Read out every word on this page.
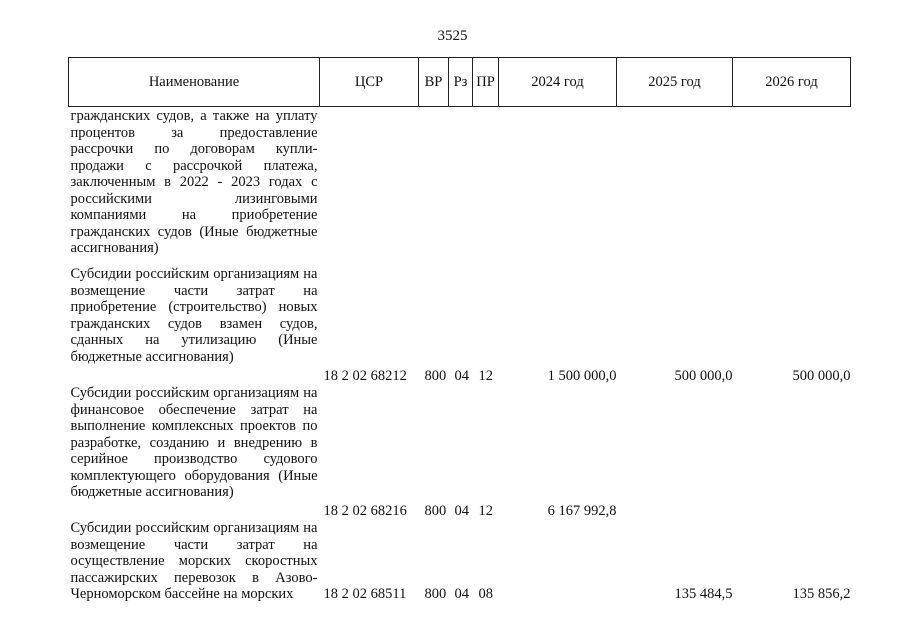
3525
Наименование	ЦСР	ВР	Рз	ПР	2024 год	2025 год	2026 год
гражданских судов, а также на уплату процентов за предоставление рассрочки по договорам купли-продажи с рассрочкой платежа, заключенным в 2022 - 2023 годах с российскими лизинговыми компаниями на приобретение гражданских судов (Иные бюджетные ассигнования)							
Субсидии российским организациям на возмещение части затрат на приобретение (строительство) новых гражданских судов взамен судов, сданных на утилизацию (Иные бюджетные ассигнования)	18 2 02 68212	800	04	12	1 500 000,0	500 000,0	500 000,0
Субсидии российским организациям на финансовое обеспечение затрат на выполнение комплексных проектов по разработке, созданию и внедрению в серийное производство судового комплектующего оборудования (Иные бюджетные ассигнования)	18 2 02 68216	800	04	12	6 167 992,8		
Субсидии российским организациям на возмещение части затрат на осуществление морских скоростных пассажирских перевозок в Азово-Черноморском бассейне на морских	18 2 02 68511	800	04	08		135 484,5	135 856,2
